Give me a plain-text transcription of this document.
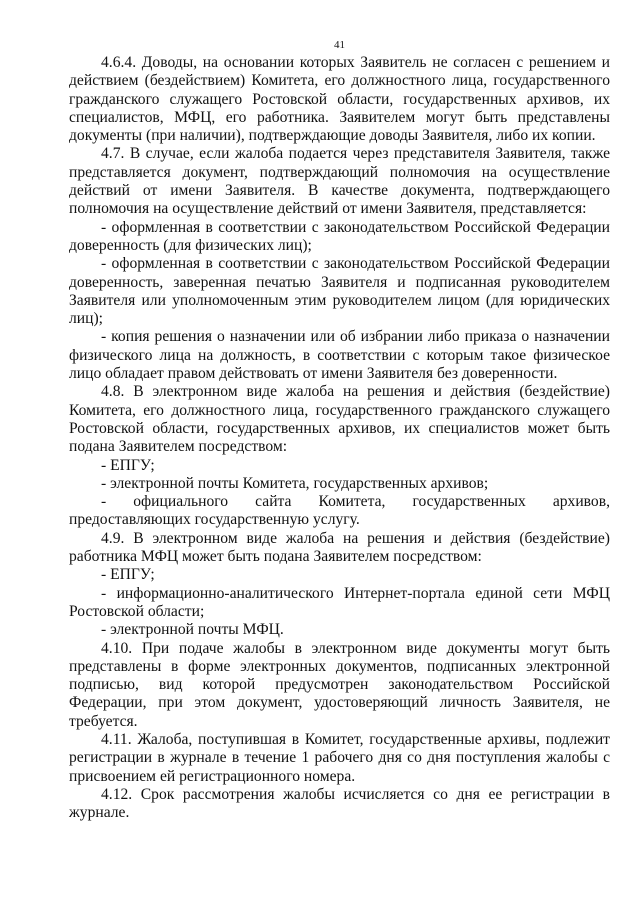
41

4.6.4. Доводы, на основании которых Заявитель не согласен с решением и действием (бездействием) Комитета, его должностного лица, государственного гражданского служащего Ростовской области, государственных архивов, их специалистов, МФЦ, его работника. Заявителем могут быть представлены документы (при наличии), подтверждающие доводы Заявителя, либо их копии.

4.7. В случае, если жалоба подается через представителя Заявителя, также представляется документ, подтверждающий полномочия на осуществление действий от имени Заявителя. В качестве документа, подтверждающего полномочия на осуществление действий от имени Заявителя, представляется:

- оформленная в соответствии с законодательством Российской Федерации доверенность (для физических лиц);

- оформленная в соответствии с законодательством Российской Федерации доверенность, заверенная печатью Заявителя и подписанная руководителем Заявителя или уполномоченным этим руководителем лицом (для юридических лиц);

- копия решения о назначении или об избрании либо приказа о назначении физического лица на должность, в соответствии с которым такое физическое лицо обладает правом действовать от имени Заявителя без доверенности.

4.8. В электронном виде жалоба на решения и действия (бездействие) Комитета, его должностного лица, государственного гражданского служащего Ростовской области, государственных архивов, их специалистов может быть подана Заявителем посредством:

- ЕПГУ;

- электронной почты Комитета, государственных архивов;

- официального сайта Комитета, государственных архивов, предоставляющих государственную услугу.

4.9. В электронном виде жалоба на решения и действия (бездействие) работника МФЦ может быть подана Заявителем посредством:

- ЕПГУ;

- информационно-аналитического Интернет-портала единой сети МФЦ Ростовской области;

- электронной почты МФЦ.

4.10. При подаче жалобы в электронном виде документы могут быть представлены в форме электронных документов, подписанных электронной подписью, вид которой предусмотрен законодательством Российской Федерации, при этом документ, удостоверяющий личность Заявителя, не требуется.

4.11. Жалоба, поступившая в Комитет, государственные архивы, подлежит регистрации в журнале в течение 1 рабочего дня со дня поступления жалобы с присвоением ей регистрационного номера.

4.12. Срок рассмотрения жалобы исчисляется со дня ее регистрации в журнале.
